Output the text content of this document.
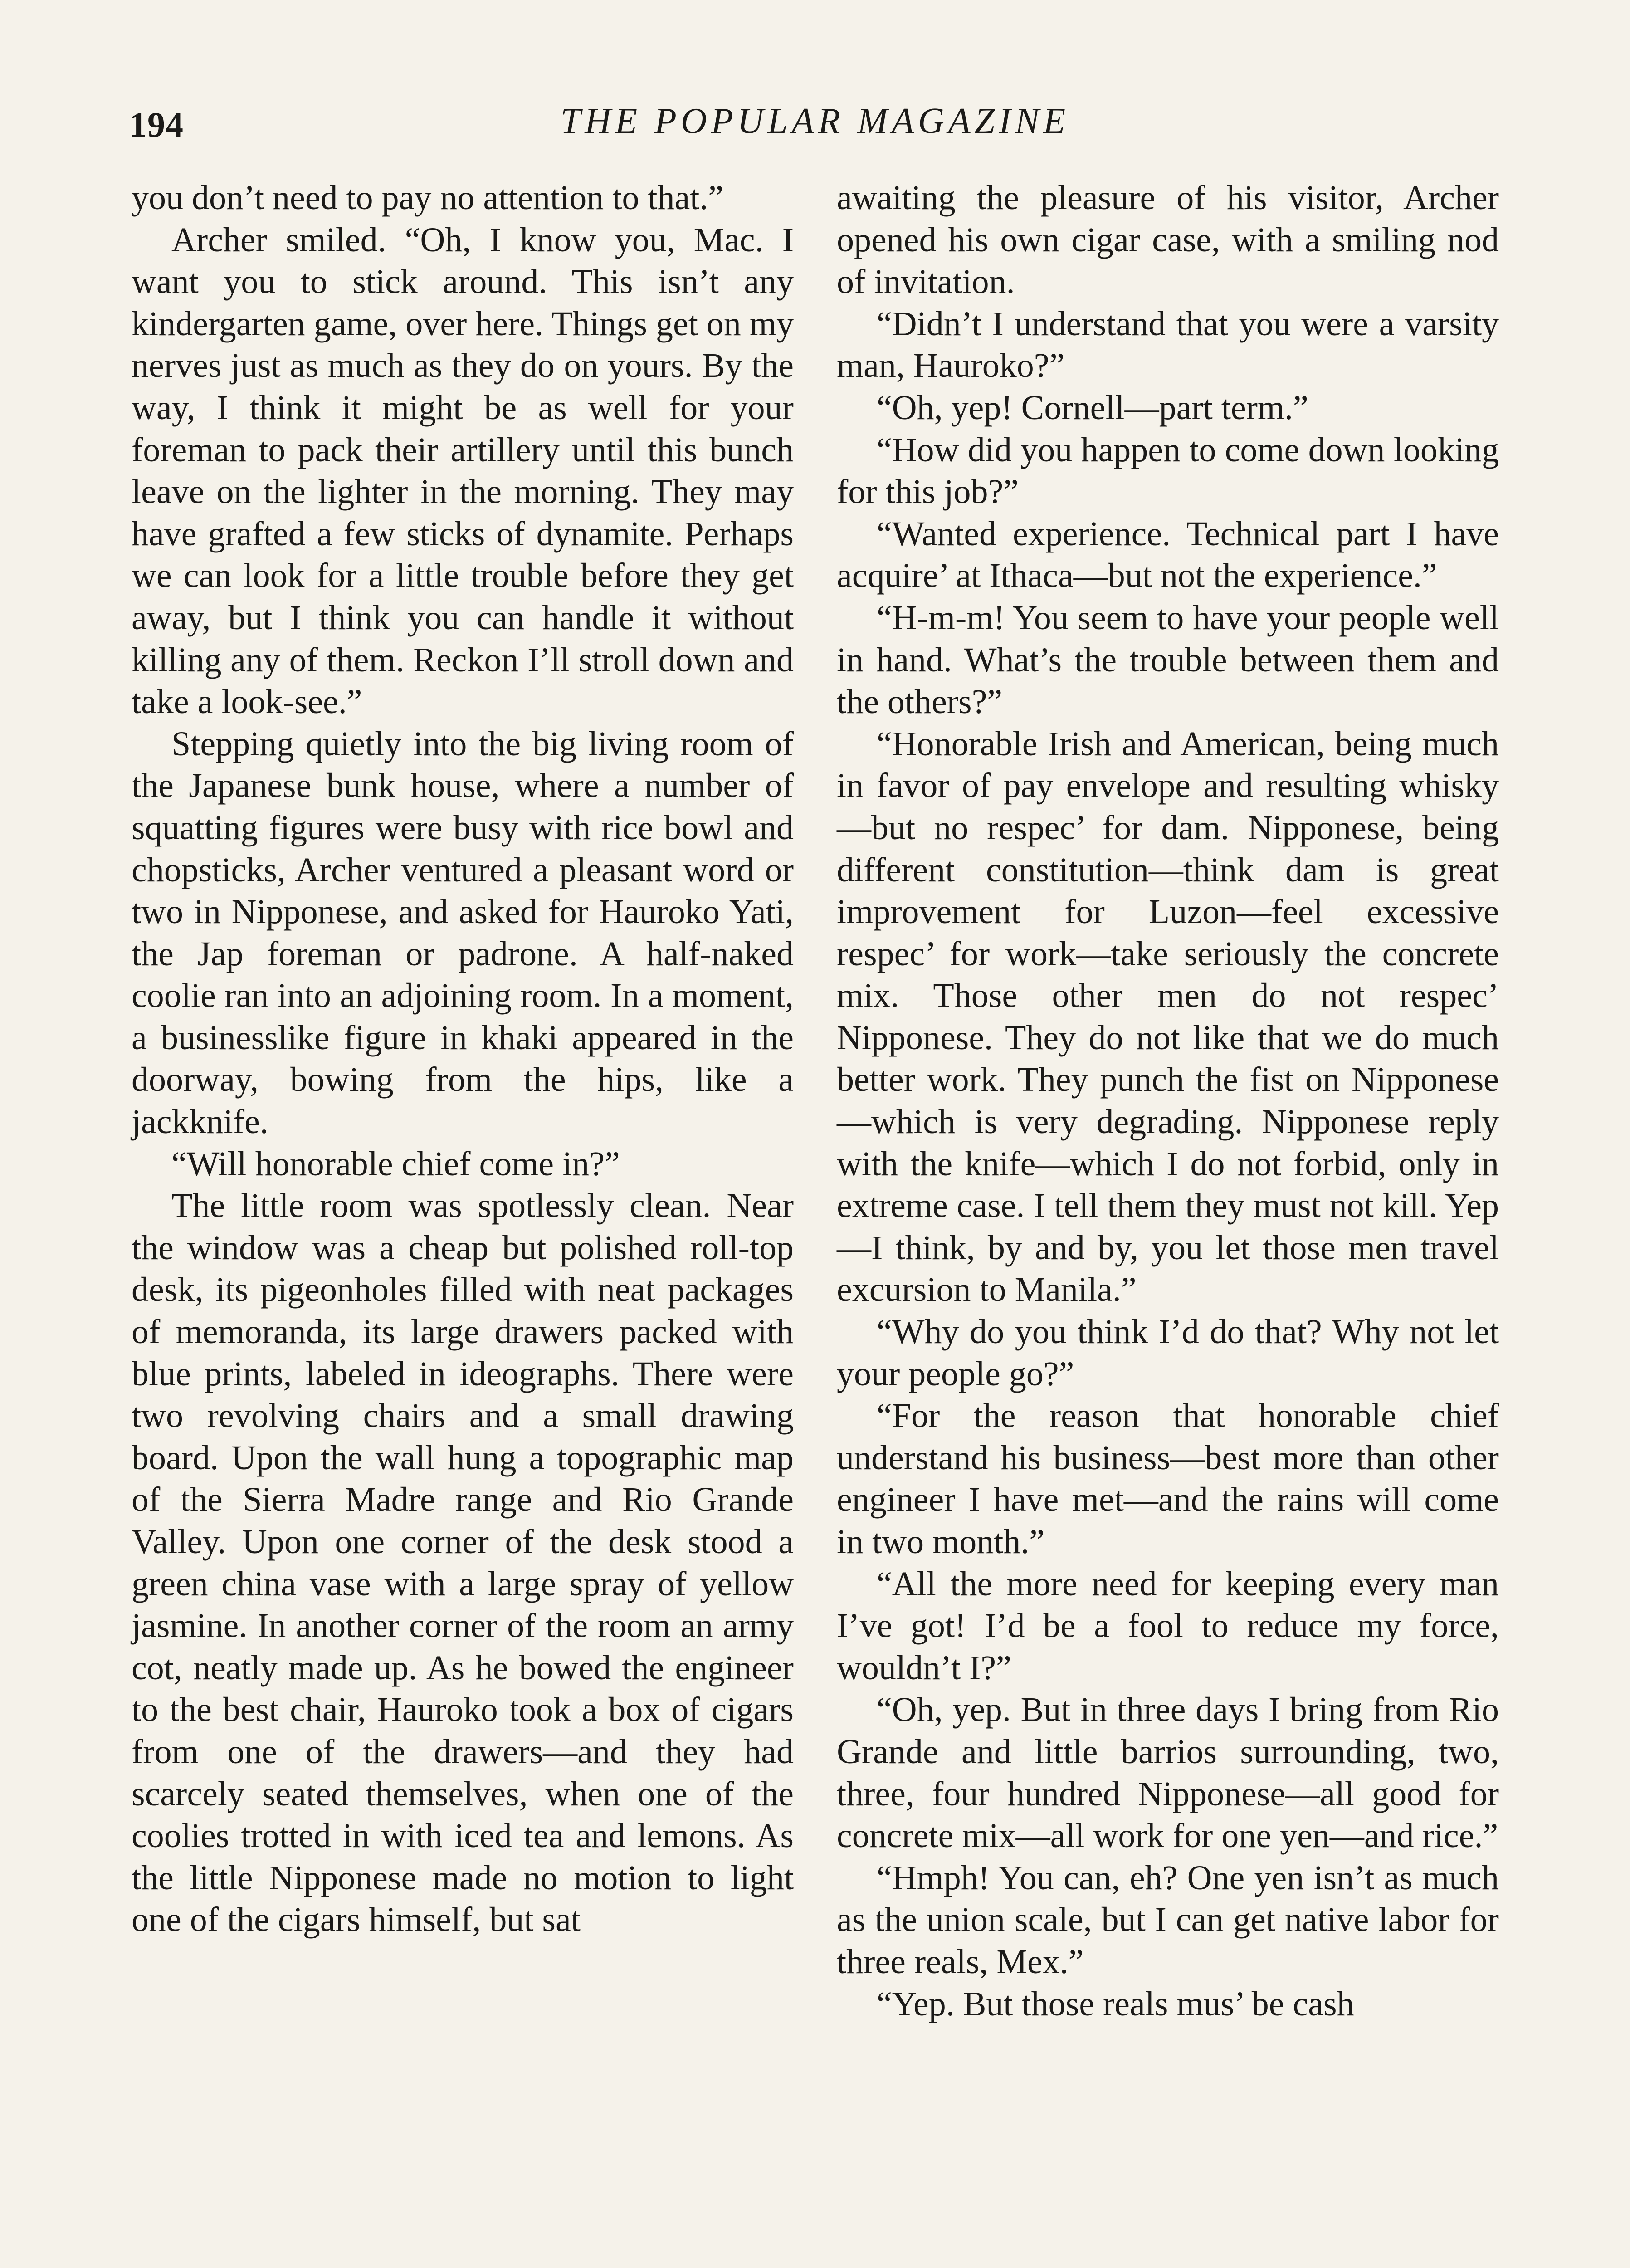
194	THE POPULAR MAGAZINE

you don’t need to pay no attention to that.”

Archer smiled. “Oh, I know you, Mac. I want you to stick around. This isn’t any kindergarten game, over here. Things get on my nerves just as much as they do on yours. By the way, I think it might be as well for your foreman to pack their artillery until this bunch leave on the lighter in the morning. They may have grafted a few sticks of dynamite. Perhaps we can look for a little trouble before they get away, but I think you can handle it without killing any of them. Reckon I’ll stroll down and take a look-see.”

Stepping quietly into the big living room of the Japanese bunk house, where a number of squatting figures were busy with rice bowl and chopsticks, Archer ventured a pleasant word or two in Nipponese, and asked for Hauroko Yati, the Jap foreman or padrone. A half-naked coolie ran into an adjoining room. In a moment, a businesslike figure in khaki appeared in the doorway, bowing from the hips, like a jackknife.

“Will honorable chief come in?”

The little room was spotlessly clean. Near the window was a cheap but polished roll-top desk, its pigeonholes filled with neat packages of memoranda, its large drawers packed with blue prints, labeled in ideographs. There were two revolving chairs and a small drawing board. Upon the wall hung a topographic map of the Sierra Madre range and Rio Grande Valley. Upon one corner of the desk stood a green china vase with a large spray of yellow jasmine. In another corner of the room an army cot, neatly made up. As he bowed the engineer to the best chair, Hauroko took a box of cigars from one of the drawers—and they had scarcely seated themselves, when one of the coolies trotted in with iced tea and lemons. As the little Nipponese made no motion to light one of the cigars himself, but sat

awaiting the pleasure of his visitor, Archer opened his own cigar case, with a smiling nod of invitation.

“Didn’t I understand that you were a varsity man, Hauroko?”

“Oh, yep! Cornell—part term.”

“How did you happen to come down looking for this job?”

“Wanted experience. Technical part I have acquire’ at Ithaca—but not the experience.”

“H-m-m! You seem to have your people well in hand. What’s the trouble between them and the others?”

“Honorable Irish and American, being much in favor of pay envelope and resulting whisky—but no respec’ for dam. Nipponese, being different constitution—think dam is great improvement for Luzon—feel excessive respec’ for work—take seriously the concrete mix. Those other men do not respec’ Nipponese. They do not like that we do much better work. They punch the fist on Nipponese—which is very degrading. Nipponese reply with the knife—which I do not forbid, only in extreme case. I tell them they must not kill. Yep—I think, by and by, you let those men travel excursion to Manila.”

“Why do you think I’d do that? Why not let your people go?”

“For the reason that honorable chief understand his business—best more than other engineer I have met—and the rains will come in two month.”

“All the more need for keeping every man I’ve got! I’d be a fool to reduce my force, wouldn’t I?”

“Oh, yep. But in three days I bring from Rio Grande and little barrios surrounding, two, three, four hundred Nipponese—all good for concrete mix—all work for one yen—and rice.”

“Hmph! You can, eh? One yen isn’t as much as the union scale, but I can get native labor for three reals, Mex.”

“Yep. But those reals mus’ be cash
